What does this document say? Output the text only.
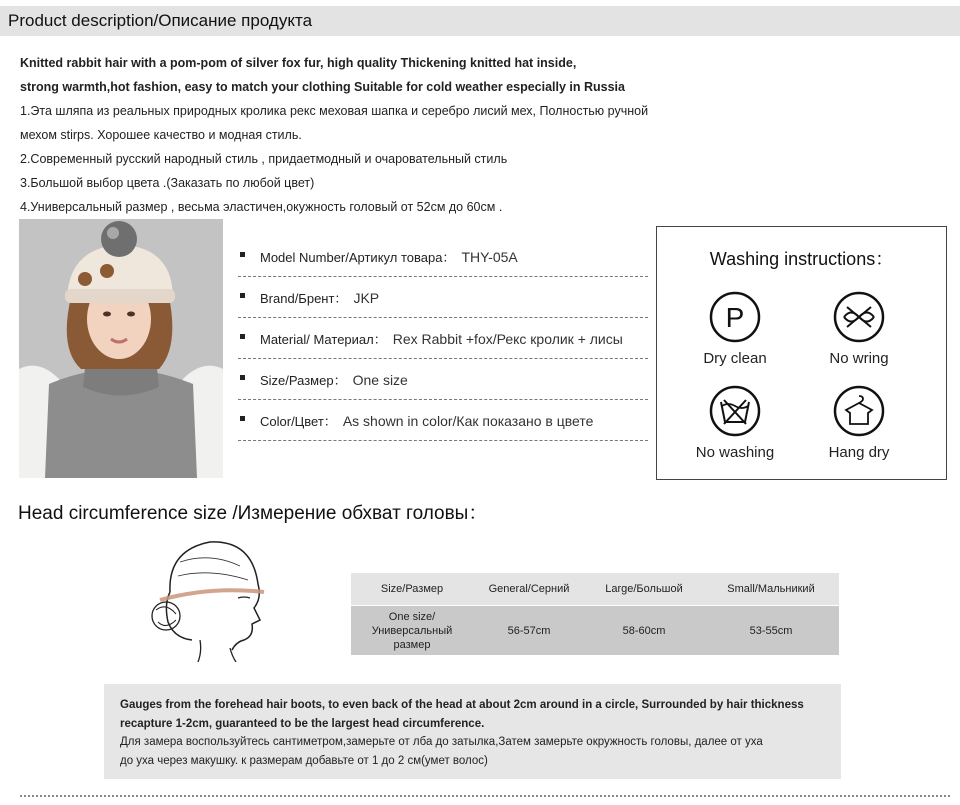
Product description/Описание продукта
Knitted rabbit hair with a pom-pom of silver fox fur, high quality Thickening knitted hat inside,
strong warmth,hot fashion, easy to match your clothing Suitable for cold weather especially in Russia
1.Эта шляпа из реальных природных кролика рекс меховая шапка и серебро лисий мех, Полностью ручной
мехом stirps. Хорошее качество и модная стиль.
2.Современный русский народный стиль , придаетмодный и очаровательный стиль
3.Большой выбор цвета .(Заказать по любой цвет)
4.Универсальный размер , весьма эластичен,окужность головый от 52см до 60см .
Model Number/Артикул товара： THY-05A
Brand/Брент： JKP
Material/ Материал： Rex Rabbit +fox/Рекс кролик + лисы
Size/Размер： One size
Color/Цвет： As shown in color/Как показано в цвете
Washing instructions：
P
Dry clean	No wring
No washing	Hang dry
Head circumference size /Измерение обхват головы：
Size/Размер	General/Серний	Large/Большой	Small/Мальникий
One size/
Универсальный
размер
56-57cm	58-60cm	53-55cm
Gauges from the forehead hair boots, to even back of the head at about 2cm around in a circle, Surrounded by hair thickness
recapture 1-2cm, guaranteed to be the largest head circumference.
Для замера воспользуйтесь сантиметром,замерьте от лба до затылка,Затем замерьте окружность головы, далее от уха
до уха через макушку. к размерам добавьте от 1 до 2 см(умет волос)
